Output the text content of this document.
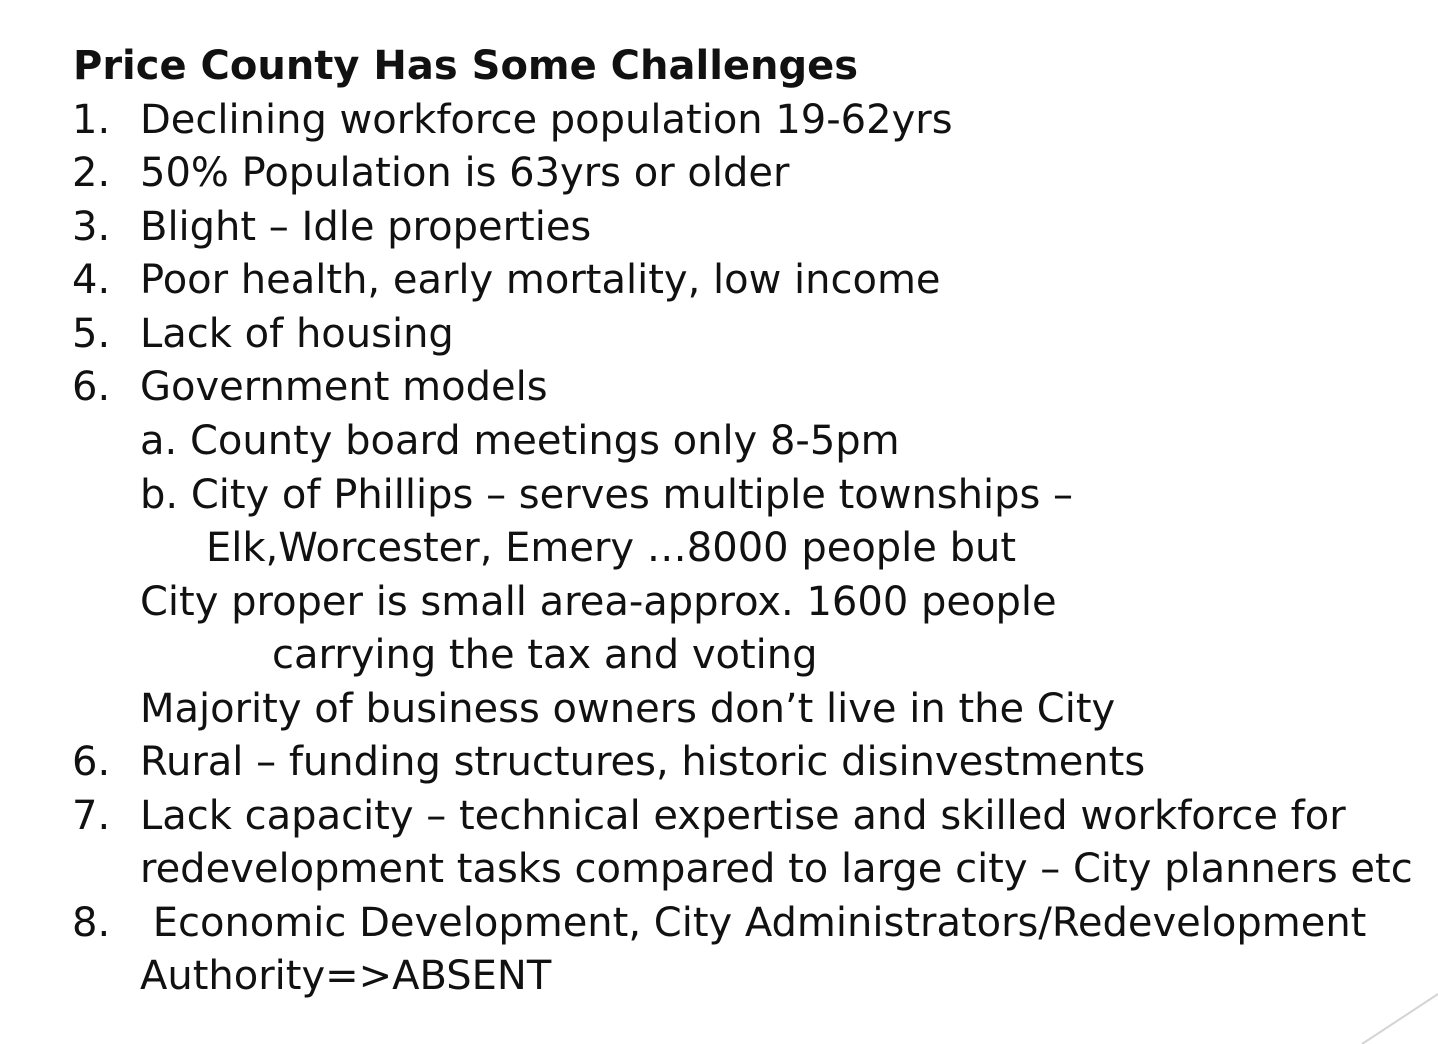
Price County Has Some Challenges
1. Declining workforce population 19-62yrs
2. 50% Population is 63yrs or older
3. Blight – Idle properties
4. Poor health, early mortality, low income
5. Lack of housing
6. Government models
a. County board meetings only 8-5pm
b. City of Phillips – serves multiple townships –
Elk,Worcester, Emery …8000 people but
City proper is small area-approx. 1600 people
carrying the tax and voting
Majority of business owners don’t live in the City
6. Rural – funding structures, historic disinvestments
7. Lack capacity – technical expertise and skilled workforce for
redevelopment tasks compared to large city – City planners etc
8. Economic Development, City Administrators/Redevelopment
Authority=>ABSENT
